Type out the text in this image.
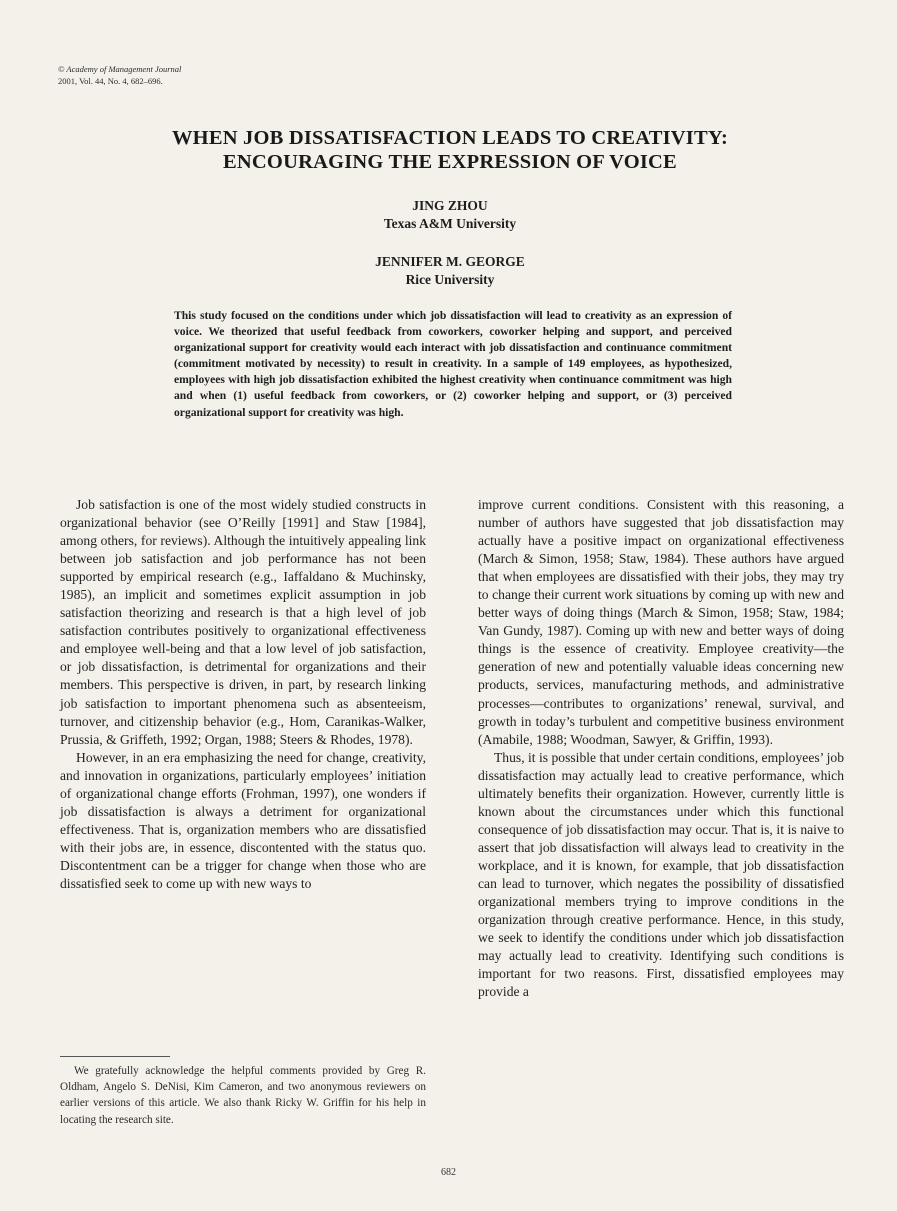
© Academy of Management Journal
2001, Vol. 44, No. 4, 682–696.
WHEN JOB DISSATISFACTION LEADS TO CREATIVITY:
ENCOURAGING THE EXPRESSION OF VOICE
JING ZHOU
Texas A&M University
JENNIFER M. GEORGE
Rice University
This study focused on the conditions under which job dissatisfaction will lead to creativity as an expression of voice. We theorized that useful feedback from coworkers, coworker helping and support, and perceived organizational support for creativity would each interact with job dissatisfaction and continuance commitment (commitment motivated by necessity) to result in creativity. In a sample of 149 employees, as hypothesized, employees with high job dissatisfaction exhibited the highest creativity when continuance commitment was high and when (1) useful feedback from coworkers, or (2) coworker helping and support, or (3) perceived organizational support for creativity was high.

Job satisfaction is one of the most widely studied constructs in organizational behavior (see O’Reilly [1991] and Staw [1984], among others, for reviews). Although the intuitively appealing link between job satisfaction and job performance has not been supported by empirical research (e.g., Iaffaldano & Muchinsky, 1985), an implicit and sometimes explicit assumption in job satisfaction theorizing and research is that a high level of job satisfaction contributes positively to organizational effectiveness and employee well-being and that a low level of job satisfaction, or job dissatisfaction, is detrimental for organizations and their members. This perspective is driven, in part, by research linking job satisfaction to important phenomena such as absenteeism, turnover, and citizenship behavior (e.g., Hom, Caranikas-Walker, Prussia, & Griffeth, 1992; Organ, 1988; Steers & Rhodes, 1978).

However, in an era emphasizing the need for change, creativity, and innovation in organizations, particularly employees’ initiation of organizational change efforts (Frohman, 1997), one wonders if job dissatisfaction is always a detriment for organizational effectiveness. That is, organization members who are dissatisfied with their jobs are, in essence, discontented with the status quo. Discontentment can be a trigger for change when those who are dissatisfied seek to come up with new ways to

improve current conditions. Consistent with this reasoning, a number of authors have suggested that job dissatisfaction may actually have a positive impact on organizational effectiveness (March & Simon, 1958; Staw, 1984). These authors have argued that when employees are dissatisfied with their jobs, they may try to change their current work situations by coming up with new and better ways of doing things (March & Simon, 1958; Staw, 1984; Van Gundy, 1987). Coming up with new and better ways of doing things is the essence of creativity. Employee creativity—the generation of new and potentially valuable ideas concerning new products, services, manufacturing methods, and administrative processes—contributes to organizations’ renewal, survival, and growth in today’s turbulent and competitive business environment (Amabile, 1988; Woodman, Sawyer, & Griffin, 1993).

Thus, it is possible that under certain conditions, employees’ job dissatisfaction may actually lead to creative performance, which ultimately benefits their organization. However, currently little is known about the circumstances under which this functional consequence of job dissatisfaction may occur. That is, it is naive to assert that job dissatisfaction will always lead to creativity in the workplace, and it is known, for example, that job dissatisfaction can lead to turnover, which negates the possibility of dissatisfied organizational members trying to improve conditions in the organization through creative performance. Hence, in this study, we seek to identify the conditions under which job dissatisfaction may actually lead to creativity. Identifying such conditions is important for two reasons. First, dissatisfied employees may provide a

We gratefully acknowledge the helpful comments provided by Greg R. Oldham, Angelo S. DeNisi, Kim Cameron, and two anonymous reviewers on earlier versions of this article. We also thank Ricky W. Griffin for his help in locating the research site.
682
